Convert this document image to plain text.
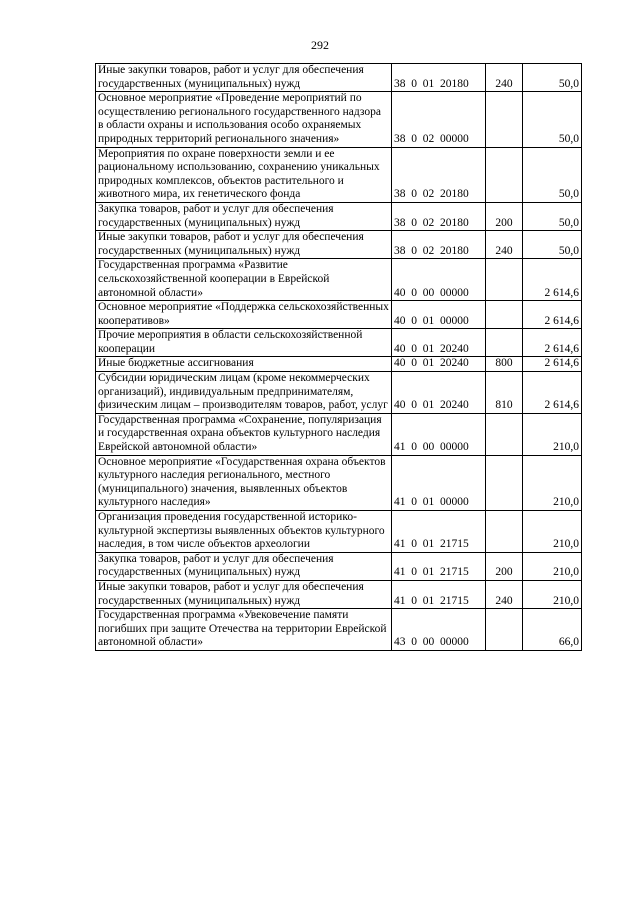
292
Иные закупки товаров, работ и услуг для обеспечения государственных (муниципальных) нужд	38  0  01  20180	240	50,0
Основное мероприятие «Проведение мероприятий по осуществлению регионального государственного надзора в области охраны и использования особо охраняемых природных территорий регионального значения»	38  0  02  00000		50,0
Мероприятия по охране поверхности земли и ее рациональному использованию, сохранению уникальных природных комплексов, объектов растительного и животного мира, их генетического фонда	38  0  02  20180		50,0
Закупка товаров, работ и услуг для обеспечения государственных (муниципальных) нужд	38  0  02  20180	200	50,0
Иные закупки товаров, работ и услуг для обеспечения государственных (муниципальных) нужд	38  0  02  20180	240	50,0
Государственная программа «Развитие сельскохозяйственной кооперации в Еврейской автономной области»	40  0  00  00000		2 614,6
Основное мероприятие «Поддержка сельскохозяйственных кооперативов»	40  0  01  00000		2 614,6
Прочие мероприятия в области сельскохозяйственной кооперации	40  0  01  20240		2 614,6
Иные бюджетные ассигнования	40  0  01  20240	800	2 614,6
Субсидии юридическим лицам (кроме некоммерческих организаций), индивидуальным предпринимателям, физическим лицам – производителям товаров, работ, услуг	40  0  01  20240	810	2 614,6
Государственная программа «Сохранение, популяризация и государственная охрана объектов культурного наследия Еврейской автономной области»	41  0  00  00000		210,0
Основное мероприятие «Государственная охрана объектов культурного наследия регионального, местного (муниципального) значения, выявленных объектов культурного наследия»	41  0  01  00000		210,0
Организация проведения государственной историко-культурной экспертизы выявленных объектов культурного наследия, в том числе объектов археологии	41  0  01  21715		210,0
Закупка товаров, работ и услуг для обеспечения государственных (муниципальных) нужд	41  0  01  21715	200	210,0
Иные закупки товаров, работ и услуг для обеспечения государственных (муниципальных) нужд	41  0  01  21715	240	210,0
Государственная программа «Увековечение памяти погибших при защите Отечества на территории Еврейской автономной области»	43  0  00  00000		66,0
